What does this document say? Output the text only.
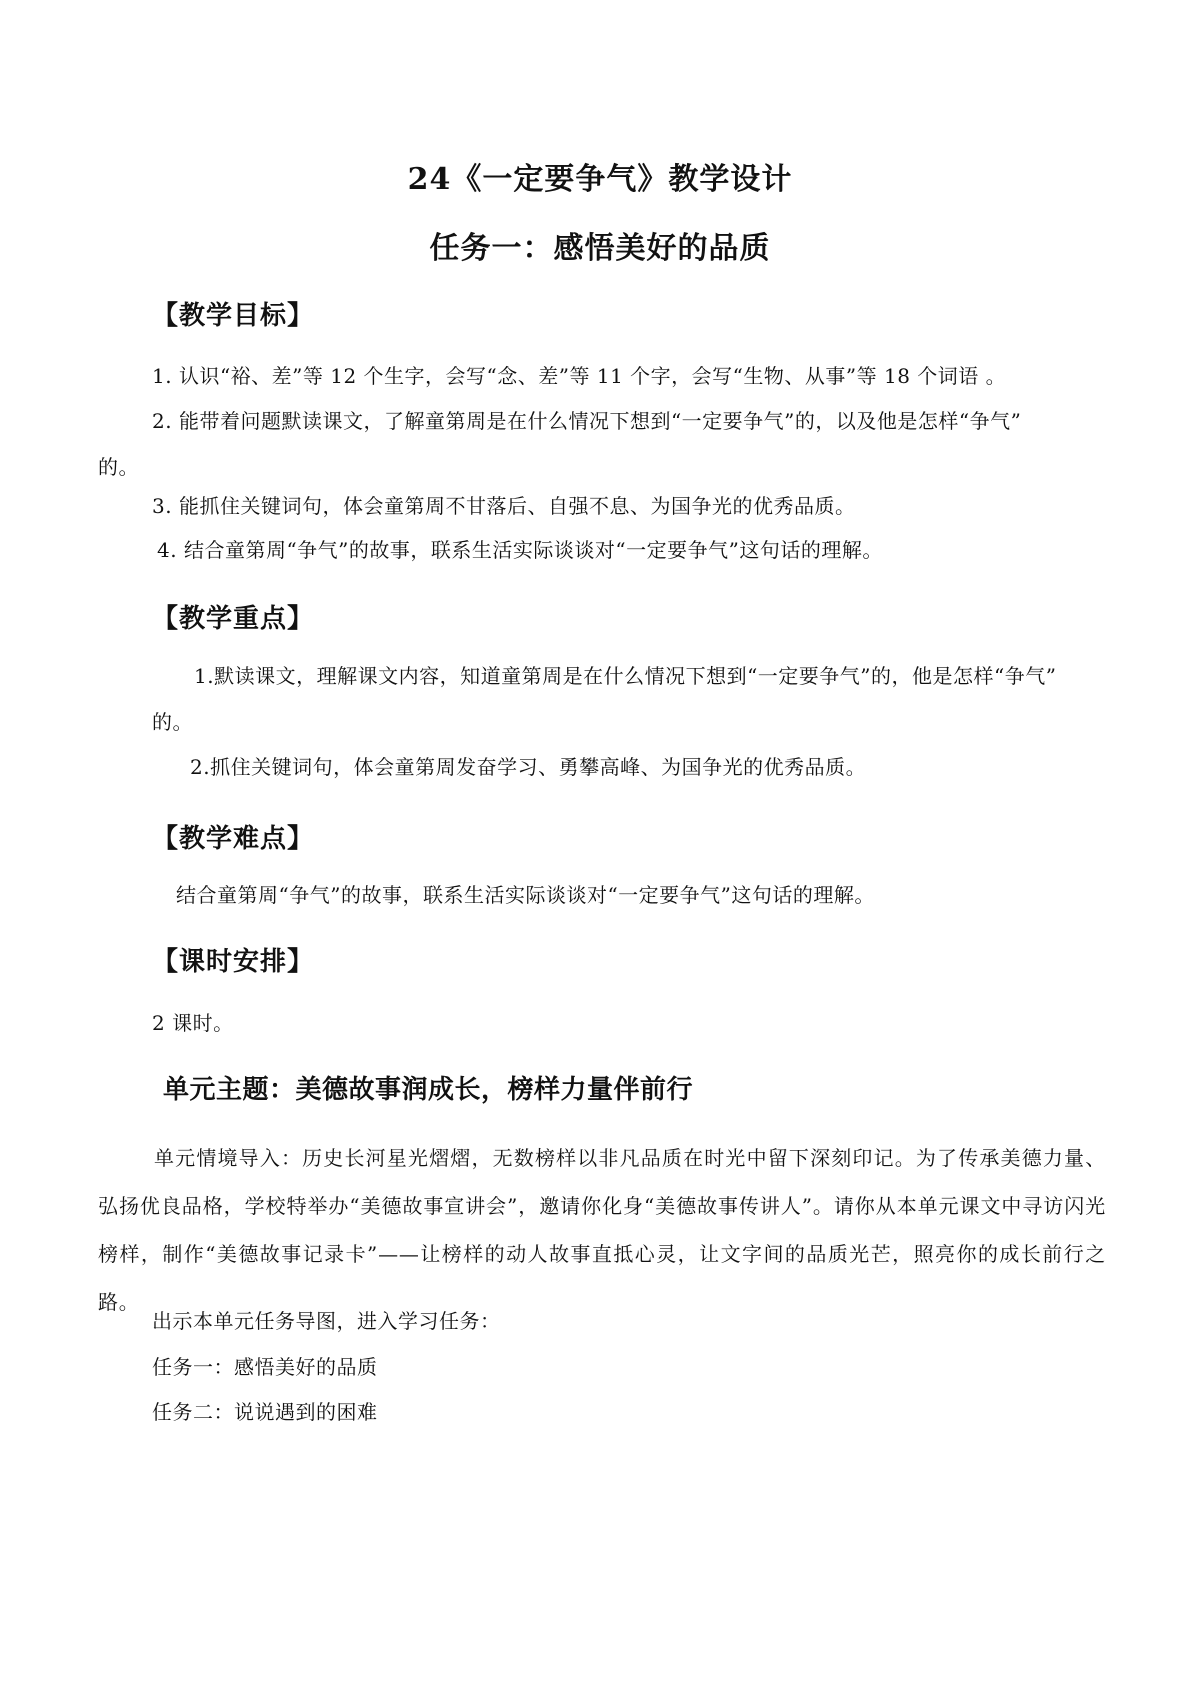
24《一定要争气》教学设计
任务一：感悟美好的品质
【教学目标】
1. 认识“裕、差”等 12 个生字，会写“念、差”等 11 个字，会写“生物、从事”等 18 个词语 。
2. 能带着问题默读课文，了解童第周是在什么情况下想到“一定要争气”的，以及他是怎样“争气”
的。
3. 能抓住关键词句，体会童第周不甘落后、自强不息、为国争光的优秀品质。
4. 结合童第周“争气”的故事，联系生活实际谈谈对“一定要争气”这句话的理解。
【教学重点】
1.默读课文，理解课文内容，知道童第周是在什么情况下想到“一定要争气”的，他是怎样“争气”
的。
2.抓住关键词句，体会童第周发奋学习、勇攀高峰、为国争光的优秀品质。
【教学难点】
结合童第周“争气”的故事，联系生活实际谈谈对“一定要争气”这句话的理解。
【课时安排】
2 课时。
单元主题：美德故事润成长，榜样力量伴前行
单元情境导入：历史长河星光熠熠，无数榜样以非凡品质在时光中留下深刻印记。为了传承美德力量、弘扬优良品格，学校特举办“美德故事宣讲会”，邀请你化身“美德故事传讲人”。请你从本单元课文中寻访闪光榜样，制作“美德故事记录卡”——让榜样的动人故事直抵心灵，让文字间的品质光芒，照亮你的成长前行之路。
出示本单元任务导图，进入学习任务：
任务一：感悟美好的品质
任务二：说说遇到的困难
